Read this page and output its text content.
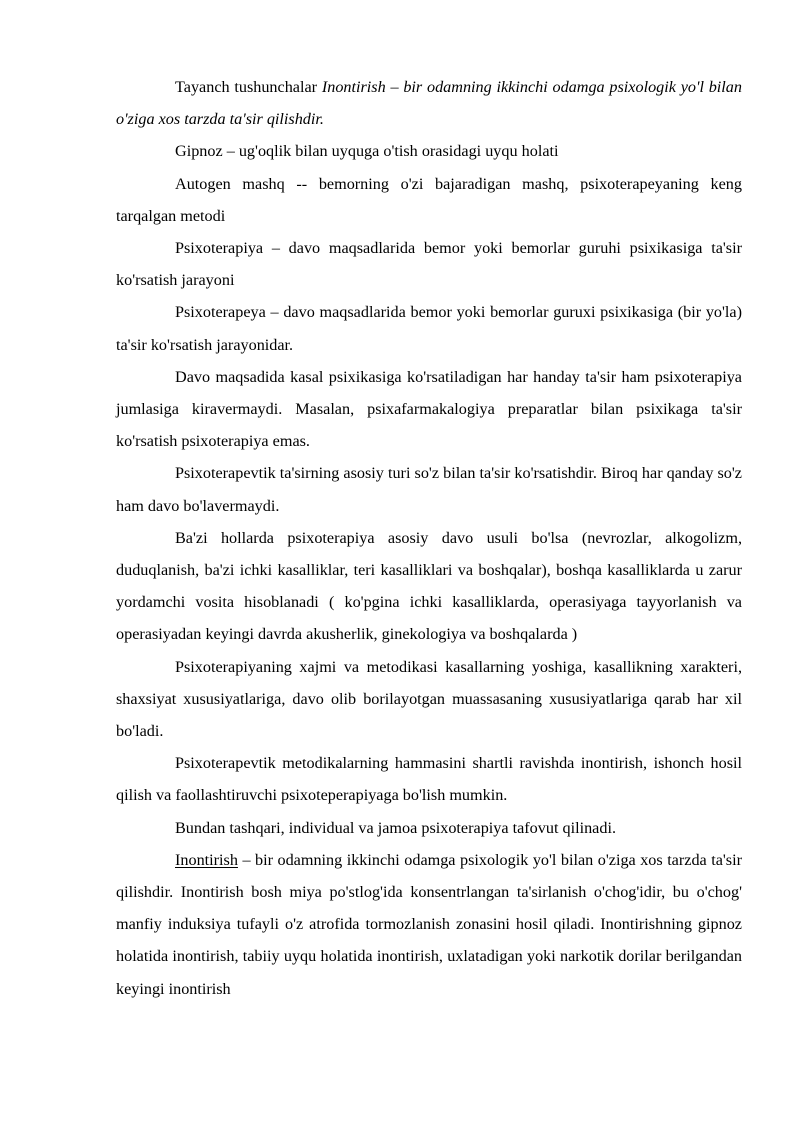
Tayanch tushunchalar Inontirish – bir odamning ikkinchi odamga psixologik yo'l bilan o'ziga xos tarzda ta'sir qilishdir.

Gipnoz – ug'oqlik bilan uyquga o'tish orasidagi uyqu holati

Autogen mashq -- bemorning o'zi bajaradigan mashq, psixoterapeyaning keng tarqalgan metodi

Psixoterapiya – davo maqsadlarida bemor yoki bemorlar guruhi psixikasiga ta'sir ko'rsatish jarayoni

Psixoterapeya – davo maqsadlarida bemor yoki bemorlar guruxi psixikasiga (bir yo'la) ta'sir ko'rsatish jarayonidar.

Davo maqsadida kasal psixikasiga ko'rsatiladigan har handay ta'sir ham psixoterapiya jumlasiga kiravermaydi. Masalan, psixafarmakalogiya preparatlar bilan psixikaga ta'sir ko'rsatish psixoterapiya emas.

Psixoterapevtik ta'sirning asosiy turi so'z bilan ta'sir ko'rsatishdir. Biroq har qanday so'z ham davo bo'lavermaydi.

Ba'zi hollarda psixoterapiya asosiy davo usuli bo'lsa (nevrozlar, alkogolizm, duduqlanish, ba'zi ichki kasalliklar, teri kasalliklari va boshqalar), boshqa kasalliklarda u zarur yordamchi vosita hisoblanadi ( ko'pgina ichki kasalliklarda, operasiyaga tayyorlanish va operasiyadan keyingi davrda akusherlik, ginekologiya va boshqalarda )

Psixoterapiyaning xajmi va metodikasi kasallarning yoshiga, kasallikning xarakteri, shaxsiyat xususiyatlariga, davo olib borilayotgan muassasaning xususiyatlariga qarab har xil bo'ladi.

Psixoterapevtik metodikalarning hammasini shartli ravishda inontirish, ishonch hosil qilish va faollashtiruvchi psixoteperapiyaga bo'lish mumkin.

Bundan tashqari, individual va jamoa psixoterapiya tafovut qilinadi.

Inontirish – bir odamning ikkinchi odamga psixologik yo'l bilan o'ziga xos tarzda ta'sir qilishdir. Inontirish bosh miya po'stlog'ida konsentrlangan ta'sirlanish o'chog'idir, bu o'chog' manfiy induksiya tufayli o'z atrofida tormozlanish zonasini hosil qiladi. Inontirishning gipnoz holatida inontirish, tabiiy uyqu holatida inontirish, uxlatadigan yoki narkotik dorilar berilgandan keyingi inontirish
